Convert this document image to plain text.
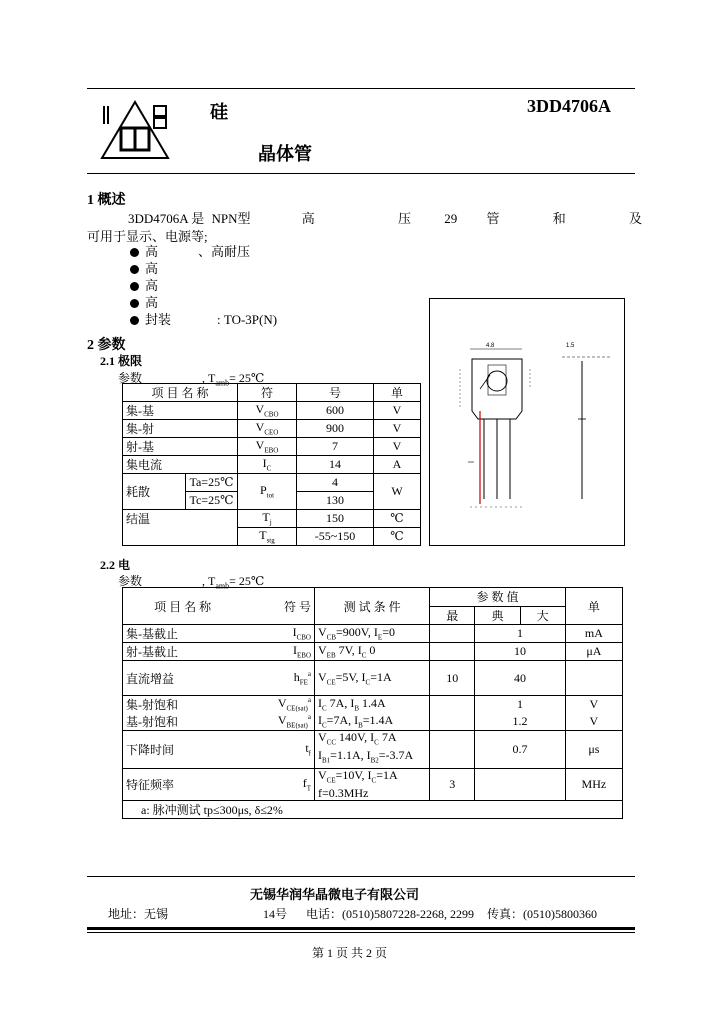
硅
晶体管
3DD4706A
1 概述
3DD4706A 是 NPN型	高	压	29 管	和	及
可用于显示、电源等;
高	、高耐压
高
高
高
封装	: TO-3P(N)
4.8	1.5
2 参数
2.1 极限
参数	, $T_{amb}=$ 25℃
项 目 名 称		符	号	单
集-基		$V_{CBO}$	600	V
集-射		$V_{CEO}$	900	V
射-基		$V_{EBO}$	7	V
集电流		$I_C$	14	A
耗散	Ta=25℃	$P_{tot}$	4	W
	Tc=25℃		130	
结温		$T_j$	150	℃
		$T_{stg}$	-55~150	℃
2.2 电
参数	, $T_{amb}=$ 25℃
项 目 名 称	符 号	测 试 条 件	参 数 值			单
			最	典	大	
集-基截止	$I_{CBO}$	$V_{CB}=900V$, $I_E=0$		1		mA
射-基截止	$I_{EBO}$	$V_{EB}$ 7V, $I_C$ 0		10		μA
直流增益	$h_{FE}^a$	$V_{CE}=5V$, $I_C=1A$	10	40		
集-射饱和	$V_{CE(sat)}^a$	$I_C$ 7A, $I_B$ 1.4A		1		V
基-射饱和	$V_{BE(sat)}^a$	$I_C=7A$, $I_B=1.4A$		1.2		V
下降时间	$t_f$	$V_{CC}$ 140V, $I_C$ 7A
$I_{B1}=1.1A$, $I_{B2}=-3.7A$		0.7		μs
特征频率	$f_T$	$V_{CE}=10V$, $I_C=1A$
f=0.3MHz	3			MHz
a: 脉冲测试 tp≤300μs, δ≤2%						
无锡华润华晶微电子有限公司
地址：无锡	14号 电话：(0510)5807228-2268, 2299 传真：(0510)5800360
第 1 页 共 2 页
